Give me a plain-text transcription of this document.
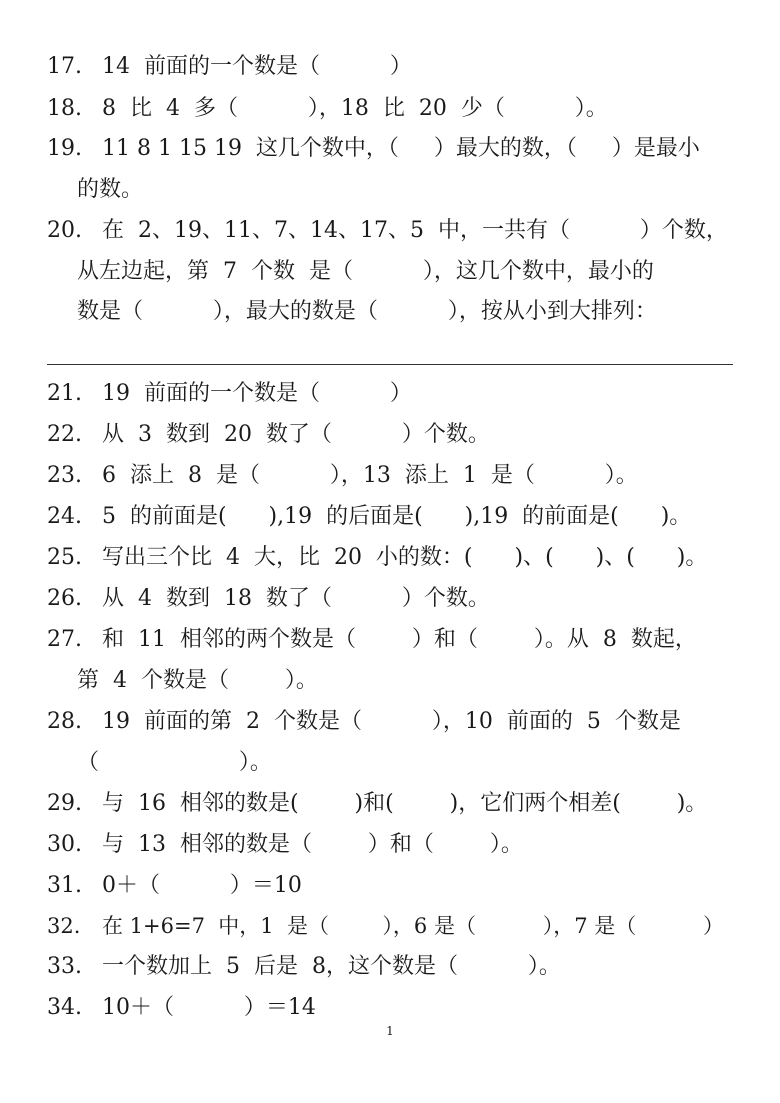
17. 14  前面的一个数是（          ）
18. 8  比  4  多（          ），18  比  20  少（          ）。
19. 11 8 1 15 19  这几个数中，（     ）最大的数，（     ）是最小
的数。
20. 在  2、19、11、7、14、17、5  中，一共有（          ）个数，
从左边起，第  7  个数  是（          ），这几个数中，最小的
数是（          ），最大的数是（          ），按从小到大排列：
21. 19  前面的一个数是（          ）
22. 从  3  数到  20  数了（          ）个数。
23. 6  添上  8  是（          ），13  添上  1  是（          ）。
24. 5  的前面是(      ),19  的后面是(      ),19  的前面是(      )。
25. 写出三个比  4  大，比  20  小的数：(      )、(      )、(      )。
26. 从  4  数到  18  数了（          ）个数。
27. 和  11  相邻的两个数是（        ）和（        ）。从  8  数起，
第  4  个数是（        ）。
28. 19  前面的第  2  个数是（          ），10  前面的  5  个数是
（                    ）。
29. 与  16  相邻的数是(        )和(        )，它们两个相差(        )。
30. 与  13  相邻的数是（        ）和（        ）。
31. 0＋（          ）＝10
32. 在 1+6=7  中，1  是（        ），6 是（          ），7 是（          ）
33. 一个数加上  5  后是  8，这个数是（          ）。
34. 10＋（          ）＝14
1
